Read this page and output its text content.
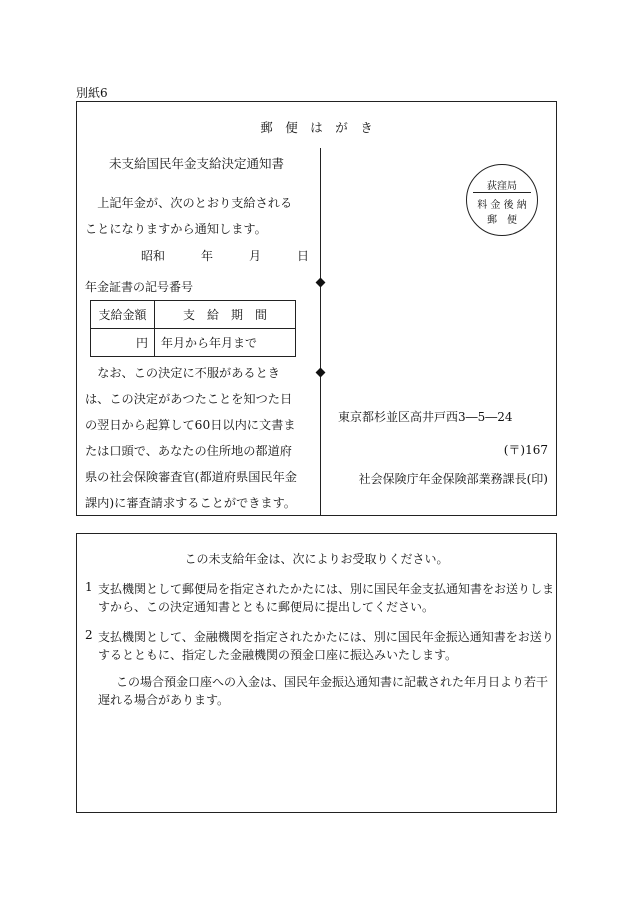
別紙6
郵　便　は　が　き
未支給国民年金支給決定通知書
上記年金が、次のとおり支給されることになりますから通知します。
昭和　　　年　　　月　　　日
年金証書の記号番号
支給金額	支　給　期　間
円	年月から年月まで
なお、この決定に不服があるときは、この決定があつたことを知つた日の翌日から起算して60日以内に文書または口頭で、あなたの住所地の都道府県の社会保険審査官(都道府県国民年金課内)に審査請求することができます。
荻窪局
料 金 後 納
郵　便
東京都杉並区高井戸西3―5―24
(〒)167
社会保険庁年金保険部業務課長(印)
この未支給年金は、次によりお受取りください。
1 支払機関として郵便局を指定されたかたには、別に国民年金支払通知書をお送りしますから、この決定通知書とともに郵便局に提出してください。
2 支払機関として、金融機関を指定されたかたには、別に国民年金振込通知書をお送りするとともに、指定した金融機関の預金口座に振込みいたします。
この場合預金口座への入金は、国民年金振込通知書に記載された年月日より若干遅れる場合があります。
